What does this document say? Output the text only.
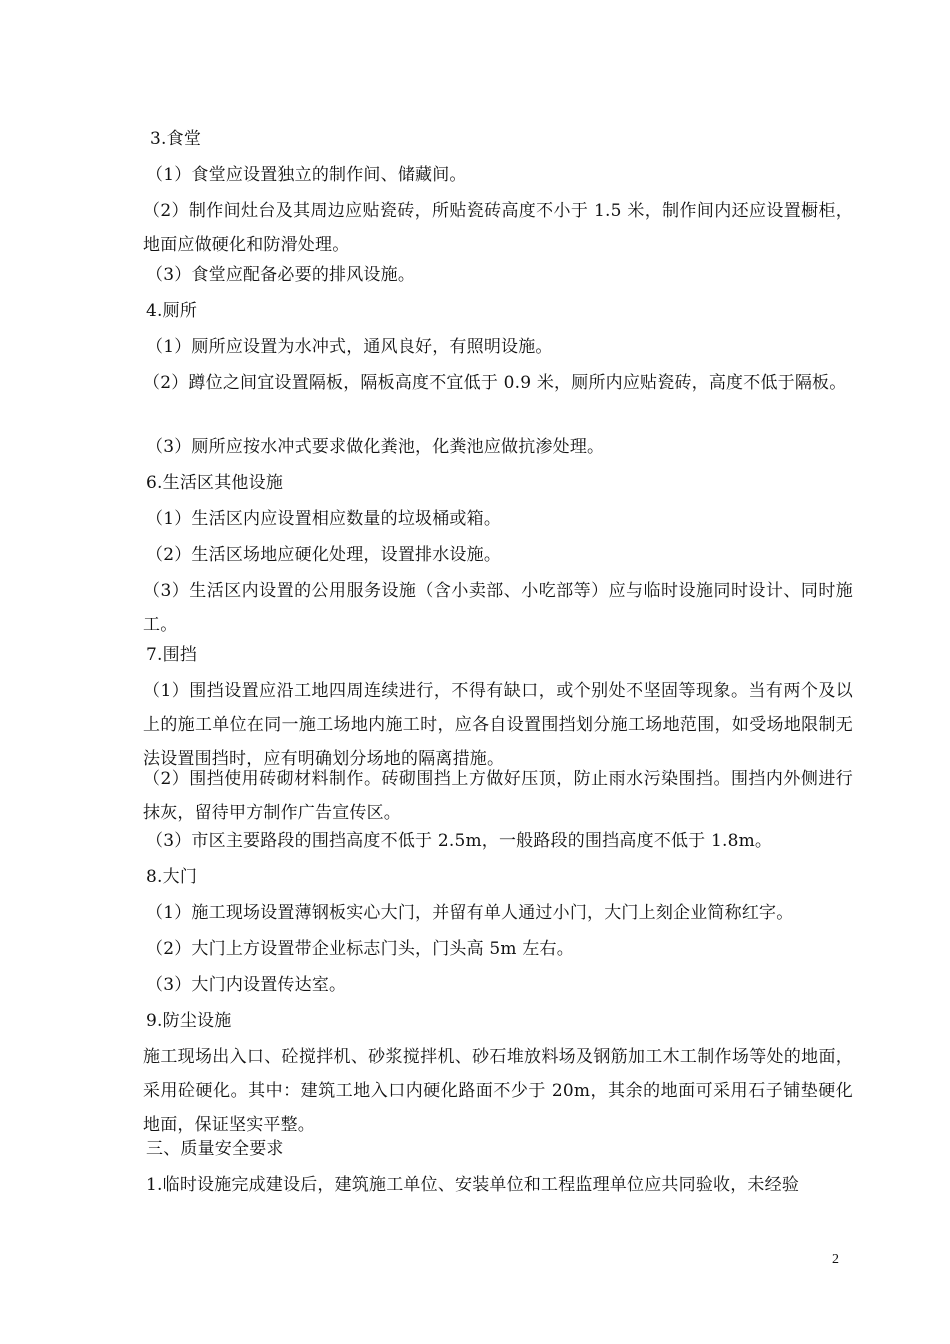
3.食堂
（1）食堂应设置独立的制作间、储藏间。
（2）制作间灶台及其周边应贴瓷砖，所贴瓷砖高度不小于 1.5 米，制作间内还应设置橱柜，地面应做硬化和防滑处理。
（3）食堂应配备必要的排风设施。
4.厕所
（1）厕所应设置为水冲式，通风良好，有照明设施。
（2）蹲位之间宜设置隔板，隔板高度不宜低于 0.9 米，厕所内应贴瓷砖，高度不低于隔板。
（3）厕所应按水冲式要求做化粪池，化粪池应做抗渗处理。
6.生活区其他设施
（1）生活区内应设置相应数量的垃圾桶或箱。
（2）生活区场地应硬化处理，设置排水设施。
（3）生活区内设置的公用服务设施（含小卖部、小吃部等）应与临时设施同时设计、同时施工。
7.围挡
（1）围挡设置应沿工地四周连续进行，不得有缺口，或个别处不坚固等现象。当有两个及以上的施工单位在同一施工场地内施工时，应各自设置围挡划分施工场地范围，如受场地限制无法设置围挡时，应有明确划分场地的隔离措施。
（2）围挡使用砖砌材料制作。砖砌围挡上方做好压顶，防止雨水污染围挡。围挡内外侧进行抹灰，留待甲方制作广告宣传区。
（3）市区主要路段的围挡高度不低于 2.5m，一般路段的围挡高度不低于 1.8m。
8.大门
（1）施工现场设置薄钢板实心大门，并留有单人通过小门，大门上刻企业简称红字。
（2）大门上方设置带企业标志门头，门头高 5m 左右。
（3）大门内设置传达室。
9.防尘设施
施工现场出入口、砼搅拌机、砂浆搅拌机、砂石堆放料场及钢筋加工木工制作场等处的地面，采用砼硬化。其中：建筑工地入口内硬化路面不少于 20m，其余的地面可采用石子铺垫硬化地面，保证坚实平整。
三、质量安全要求
1.临时设施完成建设后，建筑施工单位、安装单位和工程监理单位应共同验收，未经验
2
